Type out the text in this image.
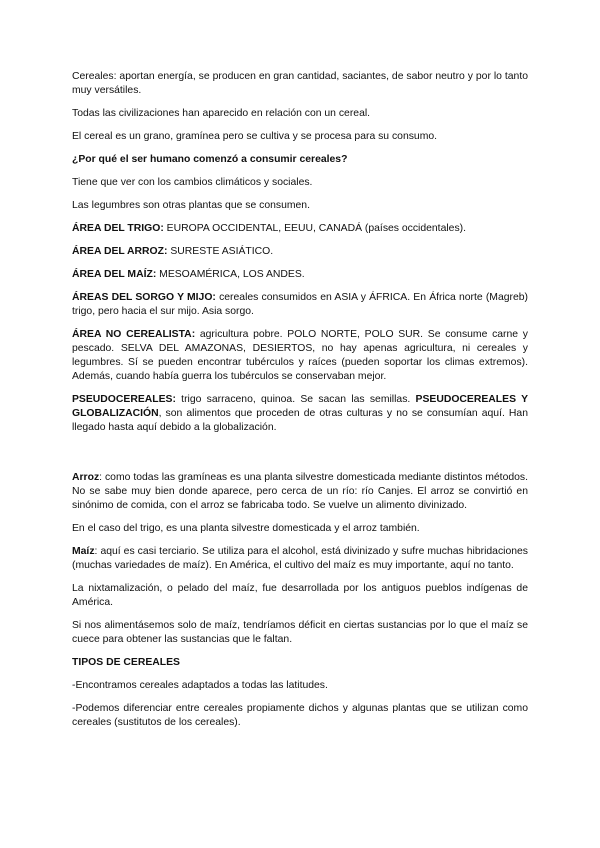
Cereales: aportan energía, se producen en gran cantidad, saciantes, de sabor neutro y por lo tanto muy versátiles.

Todas las civilizaciones han aparecido en relación con un cereal.

El cereal es un grano, gramínea pero se cultiva y se procesa para su consumo.

¿Por qué el ser humano comenzó a consumir cereales?

Tiene que ver con los cambios climáticos y sociales.

Las legumbres son otras plantas que se consumen.

ÁREA DEL TRIGO: EUROPA OCCIDENTAL, EEUU, CANADÁ (países occidentales).

ÁREA DEL ARROZ: SURESTE ASIÁTICO.

ÁREA DEL MAÍZ: MESOAMÉRICA, LOS ANDES.

ÁREAS DEL SORGO Y MIJO: cereales consumidos en ASIA y ÁFRICA. En África norte (Magreb) trigo, pero hacia el sur mijo. Asia sorgo.

ÁREA NO CEREALISTA: agricultura pobre. POLO NORTE, POLO SUR. Se consume carne y pescado. SELVA DEL AMAZONAS, DESIERTOS, no hay apenas agricultura, ni cereales y legumbres. Sí se pueden encontrar tubérculos y raíces (pueden soportar los climas extremos). Además, cuando había guerra los tubérculos se conservaban mejor.

PSEUDOCEREALES: trigo sarraceno, quinoa. Se sacan las semillas. PSEUDOCEREALES Y GLOBALIZACIÓN, son alimentos que proceden de otras culturas y no se consumían aquí. Han llegado hasta aquí debido a la globalización.

Arroz: como todas las gramíneas es una planta silvestre domesticada mediante distintos métodos. No se sabe muy bien donde aparece, pero cerca de un río: río Canjes. El arroz se convirtió en sinónimo de comida, con el arroz se fabricaba todo. Se vuelve un alimento divinizado.

En el caso del trigo, es una planta silvestre domesticada y el arroz también.

Maíz: aquí es casi terciario. Se utiliza para el alcohol, está divinizado y sufre muchas hibridaciones (muchas variedades de maíz). En América, el cultivo del maíz es muy importante, aquí no tanto.

La nixtamalización, o pelado del maíz, fue desarrollada por los antiguos pueblos indígenas de América.

Si nos alimentásemos solo de maíz, tendríamos déficit en ciertas sustancias por lo que el maíz se cuece para obtener las sustancias que le faltan.

TIPOS DE CEREALES

-Encontramos cereales adaptados a todas las latitudes.

-Podemos diferenciar entre cereales propiamente dichos y algunas plantas que se utilizan como cereales (sustitutos de los cereales).
